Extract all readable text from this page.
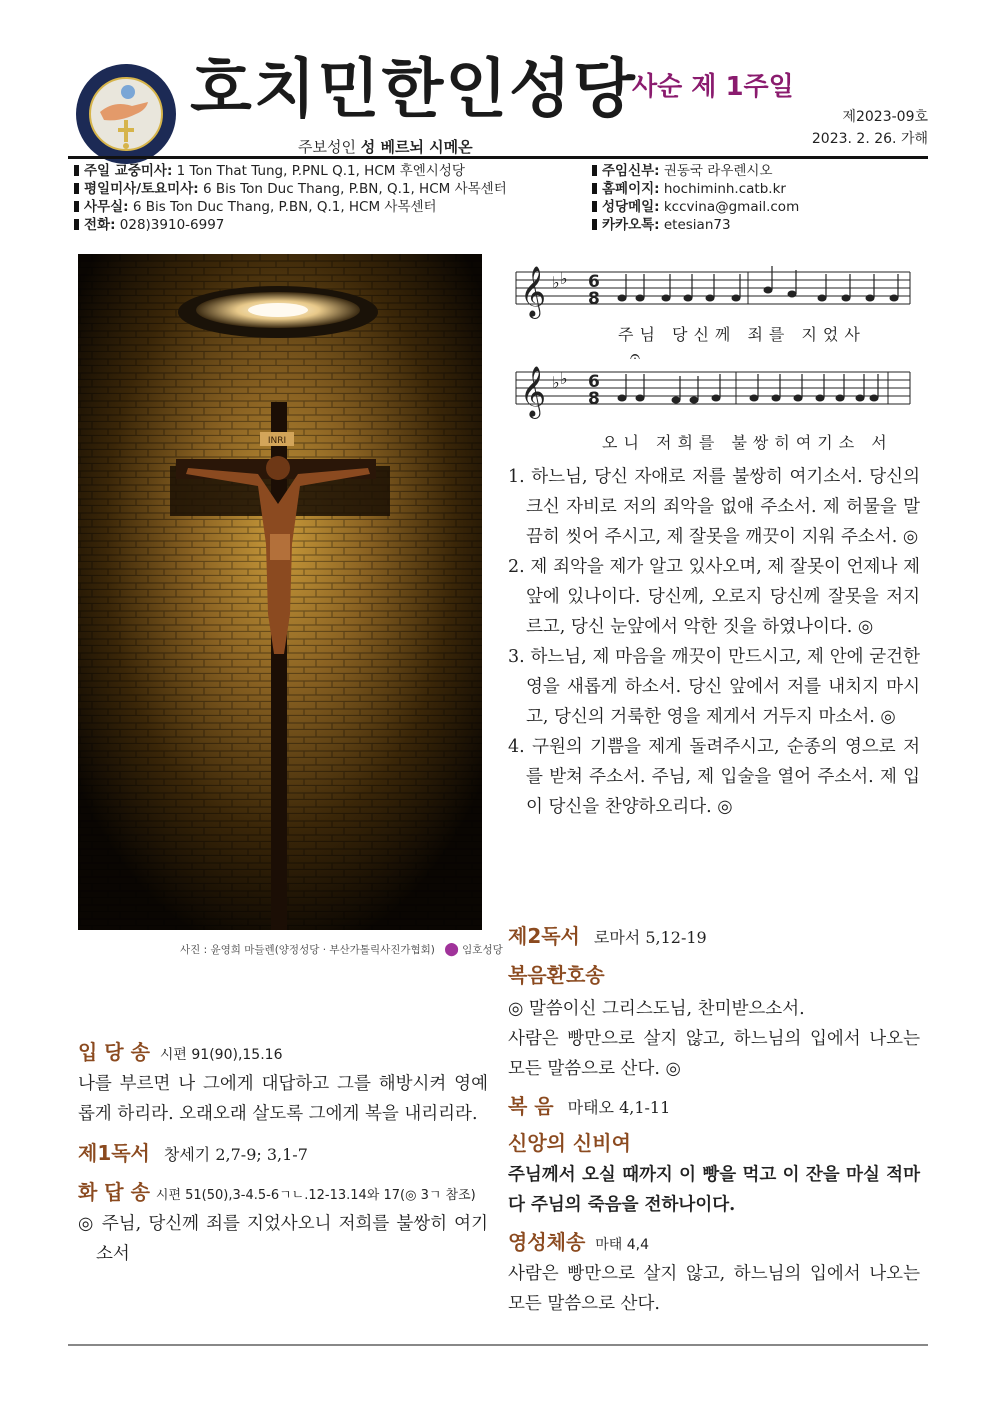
호치민한인성당
사순 제 1주일
제2023-09호
2023. 2. 26. 가해
주보성인 성 베르뇌 시메온
주일 교중미사: 1 Ton That Tung, P.PNL Q.1, HCM 후엔시성당
평일미사/토요미사: 6 Bis Ton Duc Thang, P.BN, Q.1, HCM 사목센터
사무실: 6 Bis Ton Duc Thang, P.BN, Q.1, HCM 사목센터
전화: 028)3910-6997
주임신부: 권동국 라우렌시오
홈페이지: hochiminh.catb.kr
성당메일: kccvina@gmail.com
카카오톡: etesian73
INRI
사진 : 윤영희 마들렌(양정성당 · 부산가톨릭사진가협회) ⬤ 임호성당
𝄞
𝄞
♭ ♭
♭ ♭
6
8
6
8
𝄐
주님 당신께 죄를 지었사
오니 저희를 불쌍히여기소 서

1. 하느님, 당신 자애로 저를 불쌍히 여기소서. 당신의 크신 자비로 저의 죄악을 없애 주소서. 제 허물을 말끔히 씻어 주시고, 제 잘못을 깨끗이 지워 주소서. ◎

2. 제 죄악을 제가 알고 있사오며, 제 잘못이 언제나 제 앞에 있나이다. 당신께, 오로지 당신께 잘못을 저지르고, 당신 눈앞에서 악한 짓을 하였나이다. ◎

3. 하느님, 제 마음을 깨끗이 만드시고, 제 안에 굳건한 영을 새롭게 하소서. 당신 앞에서 저를 내치지 마시고, 당신의 거룩한 영을 제게서 거두지 마소서. ◎

4. 구원의 기쁨을 제게 돌려주시고, 순종의 영으로 저를 받쳐 주소서. 주님, 제 입술을 열어 주소서. 제 입이 당신을 찬양하오리다. ◎

제2독서 로마서 5,12-19
복음환호송
◎ 말씀이신 그리스도님, 찬미받으소서.
사람은 빵만으로 살지 않고, 하느님의 입에서 나오는 모든 말씀으로 산다. ◎
복 음 마태오 4,1-11
신앙의 신비여
주님께서 오실 때까지 이 빵을 먹고 이 잔을 마실 적마다 주님의 죽음을 전하나이다.
영성체송 마태 4,4
사람은 빵만으로 살지 않고, 하느님의 입에서 나오는 모든 말씀으로 산다.
입 당 송 시편 91(90),15.16
나를 부르면 나 그에게 대답하고 그를 해방시켜 영예롭게 하리라. 오래오래 살도록 그에게 복을 내리리라.
제1독서 창세기 2,7-9; 3,1-7
화 답 송 시편 51(50),3-4.5-6ㄱㄴ.12-13.14와 17(◎ 3ㄱ 참조)
◎ 주님, 당신께 죄를 지었사오니 저희를 불쌍히 여기소서
